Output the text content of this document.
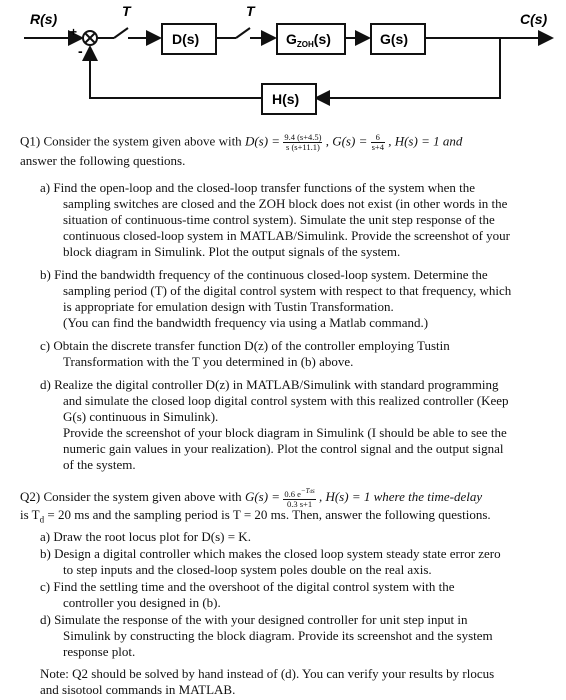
R(s)
+
-
T
D(s)
T
$G_{ZOH}(s)$	G(s)
C(s)
H(s)
Q1) Consider the system given above with $D(s) = \frac{9.4 (s+4.5)}{s (s+11.1)}$ , $G(s) = \frac{6}{s+4}$ , H(s) = 1 and
answer the following questions.
a) Find the open-loop and the closed-loop transfer functions of the system when the
sampling switches are closed and the ZOH block does not exist (in other words in the
situation of continuous-time control system). Simulate the unit step response of the
continuous closed-loop system in MATLAB/Simulink. Provide the screenshot of your
block diagram in Simulink. Plot the output signals of the system.
b) Find the bandwidth frequency of the continuous closed-loop system. Determine the
sampling period (T) of the digital control system with respect to that frequency, which
is appropriate for emulation design with Tustin Transformation.
(You can find the bandwidth frequency via using a Matlab command.)
c) Obtain the discrete transfer function D(z) of the controller employing Tustin
Transformation with the T you determined in (b) above.
d) Realize the digital controller D(z) in MATLAB/Simulink with standard programming
and simulate the closed loop digital control system with this realized controller (Keep
G(s) continuous in Simulink).
Provide the screenshot of your block diagram in Simulink (I should be able to see the
numeric gain values in your realization). Plot the control signal and the output signal
of the system.
Q2) Consider the system given above with $G(s) = \frac{0.6 e^{-Tds}}{0.3 s+1}$ , H(s) = 1 where the time-delay
is $T_d = 20$ ms and the sampling period is T = 20 ms. Then, answer the following questions.
a) Draw the root locus plot for D(s) = K.
b) Design a digital controller which makes the closed loop system steady state error zero
to step inputs and the closed-loop system poles double on the real axis.
c) Find the settling time and the overshoot of the digital control system with the
controller you designed in (b).
d) Simulate the response of the with your designed controller for unit step input in
Simulink by constructing the block diagram. Provide its screenshot and the system
response plot.
Note: Q2 should be solved by hand instead of (d). You can verify your results by rlocus
and sisotool commands in MATLAB.
